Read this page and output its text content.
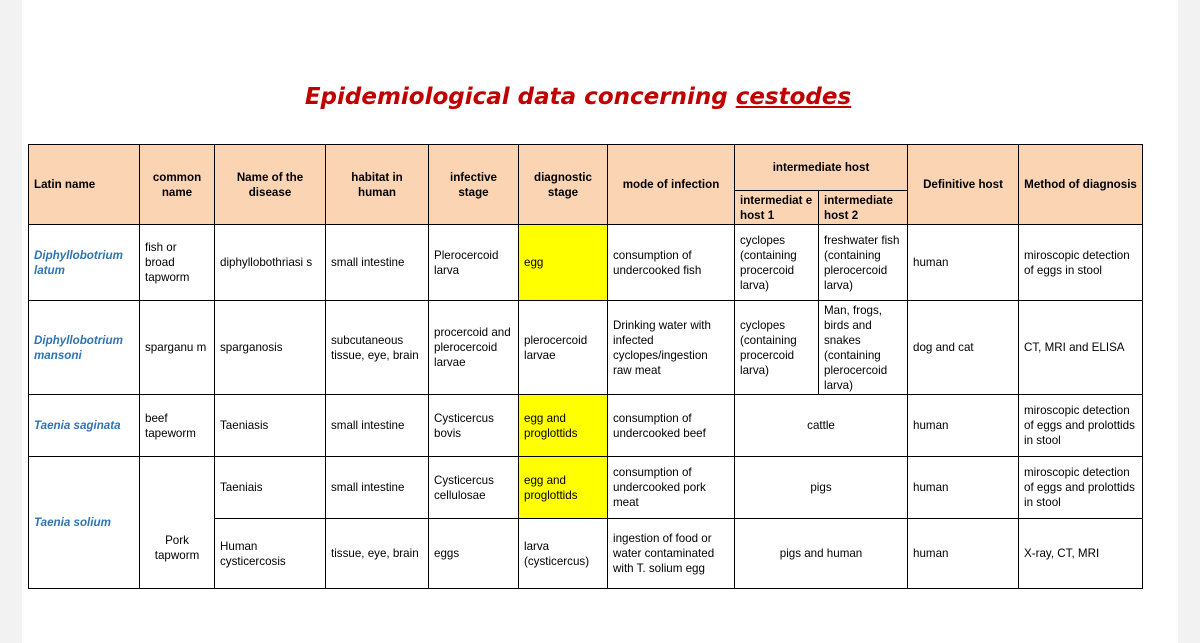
Epidemiological data concerning cestodes
Latin name	common name	Name of the disease	habitat in human	infective stage	diagnostic stage	mode of infection	intermediate host		Definitive host	Method of diagnosis
							intermediat e host 1	intermediate host 2		
Diphyllobotrium latum	fish or broad tapworm	diphyllobothriasi s	small intestine	Plerocercoid larva	egg	consumption of undercooked fish	cyclopes (containing procercoid larva)	freshwater fish (containing plerocercoid larva)	human	miroscopic detection of eggs in stool
Diphyllobotrium mansoni	sparganu m	sparganosis	subcutaneous tissue, eye, brain	procercoid and plerocercoid larvae	plerocercoid larvae	Drinking water with infected cyclopes/ingestion raw meat	cyclopes (containing procercoid larva)	Man, frogs, birds and snakes (containing plerocercoid larva)	dog and cat	CT, MRI and ELISA
Taenia saginata	beef tapeworm	Taeniasis	small intestine	Cysticercus bovis	egg and proglottids	consumption of undercooked beef	cattle		human	miroscopic detection of eggs and prolottids in stool
Taenia solium	Pork tapworm	Taeniais	small intestine	Cysticercus cellulosae	egg and proglottids	consumption of undercooked pork meat	pigs		human	miroscopic detection of eggs and prolottids in stool
		Human cysticercosis	tissue, eye, brain	eggs	larva (cysticercus)	ingestion of food or water contaminated with T. solium egg	pigs and human		human	X-ray, CT, MRI
